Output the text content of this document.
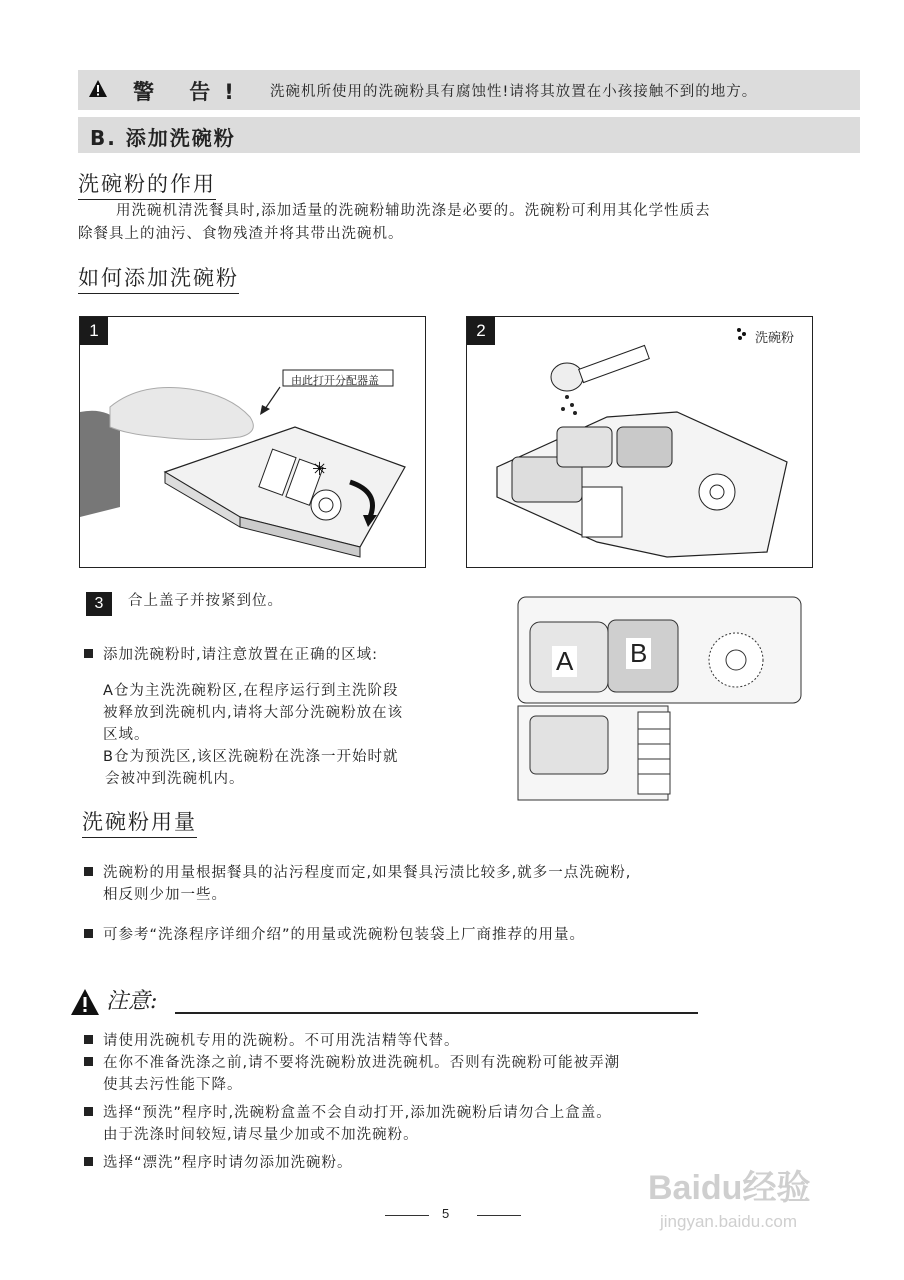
警 告! 洗碗机所使用的洗碗粉具有腐蚀性!请将其放置在小孩接触不到的地方。
B. 添加洗碗粉
洗碗粉的作用
用洗碗机清洗餐具时,添加适量的洗碗粉辅助洗涤是必要的。洗碗粉可利用其化学性质去
除餐具上的油污、食物残渣并将其带出洗碗机。
如何添加洗碗粉
1
✳
由此打开分配器盖
2	洗碗粉
3	合上盖子并按紧到位。
添加洗碗粉时,请注意放置在正确的区域:
A仓为主洗洗碗粉区,在程序运行到主洗阶段
被释放到洗碗机内,请将大部分洗碗粉放在该
区域。
B仓为预洗区,该区洗碗粉在洗涤一开始时就
会被冲到洗碗机内。
A B
洗碗粉用量
洗碗粉的用量根据餐具的沾污程度而定,如果餐具污渍比较多,就多一点洗碗粉,
相反则少加一些。
可参考“洗涤程序详细介绍”的用量或洗碗粉包装袋上厂商推荐的用量。
注意:
请使用洗碗机专用的洗碗粉。不可用洗洁精等代替。
在你不准备洗涤之前,请不要将洗碗粉放进洗碗机。否则有洗碗粉可能被弄潮
使其去污性能下降。
选择“预洗”程序时,洗碗粉盒盖不会自动打开,添加洗碗粉后请勿合上盒盖。
由于洗涤时间较短,请尽量少加或不加洗碗粉。
选择“漂洗”程序时请勿添加洗碗粉。
5
Baidu经验
jingyan.baidu.com
